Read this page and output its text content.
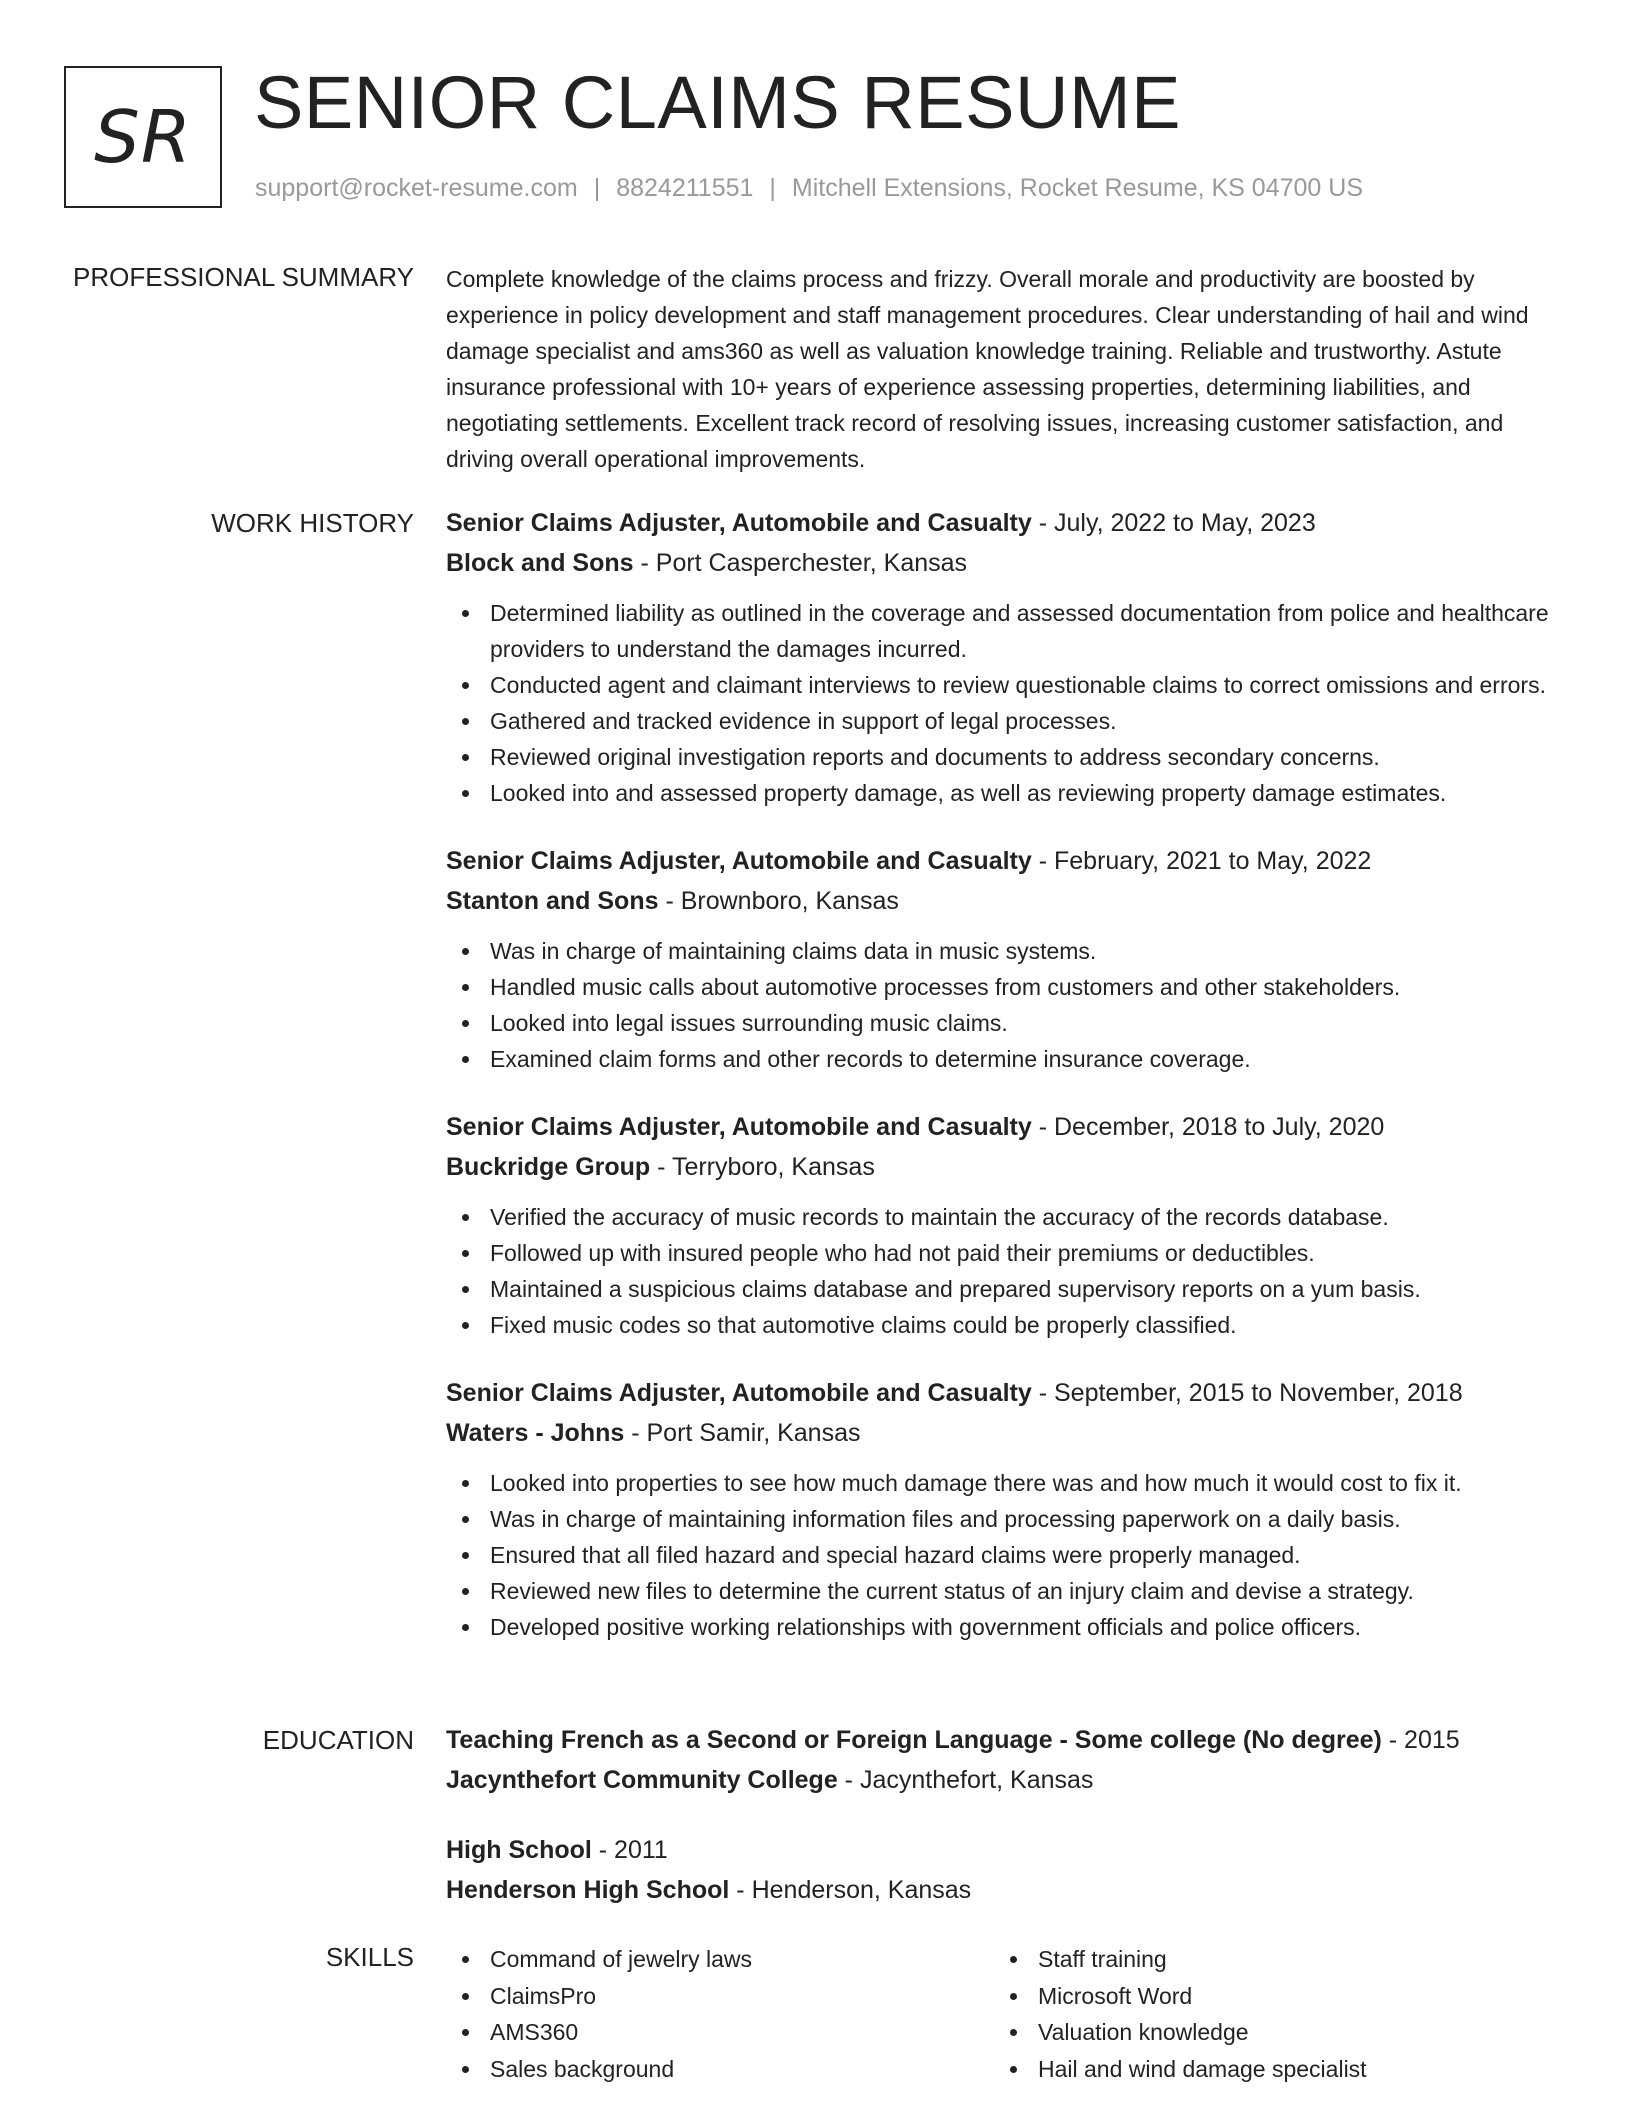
SR SENIOR CLAIMS RESUME
support@rocket-resume.com | 8824211551 | Mitchell Extensions, Rocket Resume, KS 04700 US
PROFESSIONAL SUMMARY Complete knowledge of the claims process and frizzy. Overall morale and productivity are boosted by experience in policy development and staff management procedures. Clear understanding of hail and wind damage specialist and ams360 as well as valuation knowledge training. Reliable and trustworthy. Astute insurance professional with 10+ years of experience assessing properties, determining liabilities, and negotiating settlements. Excellent track record of resolving issues, increasing customer satisfaction, and driving overall operational improvements.
WORK HISTORY Senior Claims Adjuster, Automobile and Casualty - July, 2022 to May, 2023
Block and Sons - Port Casperchester, Kansas
Determined liability as outlined in the coverage and assessed documentation from police and healthcare providers to understand the damages incurred.
Conducted agent and claimant interviews to review questionable claims to correct omissions and errors.
Gathered and tracked evidence in support of legal processes.
Reviewed original investigation reports and documents to address secondary concerns.
Looked into and assessed property damage, as well as reviewing property damage estimates.
Senior Claims Adjuster, Automobile and Casualty - February, 2021 to May, 2022
Stanton and Sons - Brownboro, Kansas
Was in charge of maintaining claims data in music systems.
Handled music calls about automotive processes from customers and other stakeholders.
Looked into legal issues surrounding music claims.
Examined claim forms and other records to determine insurance coverage.
Senior Claims Adjuster, Automobile and Casualty - December, 2018 to July, 2020
Buckridge Group - Terryboro, Kansas
Verified the accuracy of music records to maintain the accuracy of the records database.
Followed up with insured people who had not paid their premiums or deductibles.
Maintained a suspicious claims database and prepared supervisory reports on a yum basis.
Fixed music codes so that automotive claims could be properly classified.
Senior Claims Adjuster, Automobile and Casualty - September, 2015 to November, 2018
Waters - Johns - Port Samir, Kansas
Looked into properties to see how much damage there was and how much it would cost to fix it.
Was in charge of maintaining information files and processing paperwork on a daily basis.
Ensured that all filed hazard and special hazard claims were properly managed.
Reviewed new files to determine the current status of an injury claim and devise a strategy.
Developed positive working relationships with government officials and police officers.
EDUCATION Teaching French as a Second or Foreign Language - Some college (No degree) - 2015
Jacynthefort Community College - Jacynthefort, Kansas
High School - 2011
Henderson High School - Henderson, Kansas
SKILLS	Command of jewelry laws
ClaimsPro
AMS360
Sales background
Staff training
Microsoft Word
Valuation knowledge
Hail and wind damage specialist
